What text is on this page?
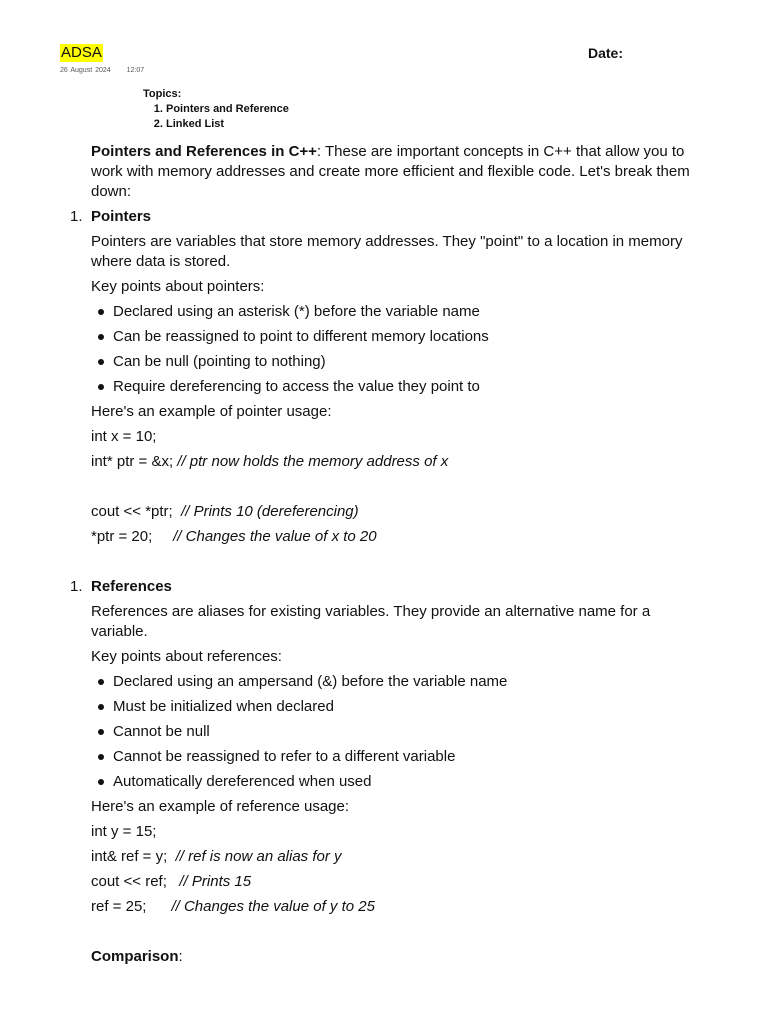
ADSA
26 August 2024 12:07
Date:
Topics:
1. Pointers and Reference
2. Linked List

Pointers and References in C++: These are important concepts in C++ that allow you to work with memory addresses and create more efficient and flexible code. Let's break them down:

1. Pointers

Pointers are variables that store memory addresses. They "point" to a location in memory where data is stored.

Key points about pointers:

Declared using an asterisk (*) before the variable name
Can be reassigned to point to different memory locations
Can be null (pointing to nothing)
Require dereferencing to access the value they point to

Here's an example of pointer usage:

int x = 10;
int* ptr = &x; // ptr now holds the memory address of x
cout << *ptr;  // Prints 10 (dereferencing)
*ptr = 20;     // Changes the value of x to 20

1. References

References are aliases for existing variables. They provide an alternative name for a variable.

Key points about references:

Declared using an ampersand (&) before the variable name
Must be initialized when declared
Cannot be null
Cannot be reassigned to refer to a different variable
Automatically dereferenced when used

Here's an example of reference usage:

int y = 15;
int& ref = y;  // ref is now an alias for y
cout << ref;   // Prints 15
ref = 25;      // Changes the value of y to 25

Comparison:
